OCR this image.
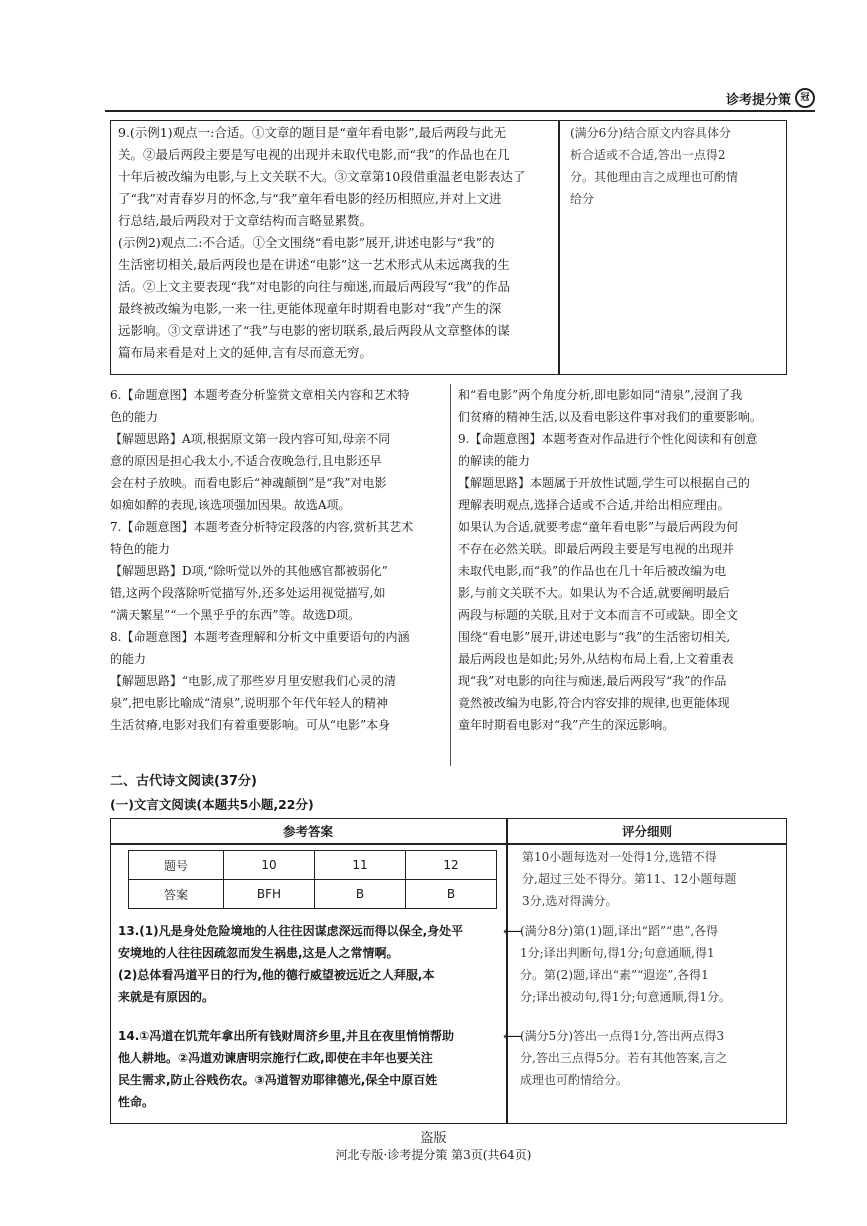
诊考提分策	冠

9.(示例1)观点一:合适。①文章的题目是“童年看电影”,最后两段与此无

关。②最后两段主要是写电视的出现并未取代电影,而“我”的作品也在几

十年后被改编为电影,与上文关联不大。③文章第10段借重温老电影表达了

了“我”对青春岁月的怀念,与“我”童年看电影的经历相照应,并对上文进

行总结,最后两段对于文章结构而言略显累赘。

(示例2)观点二:不合适。①全文围绕“看电影”展开,讲述电影与“我”的

生活密切相关,最后两段也是在讲述“电影”这一艺术形式从未远离我的生

活。②上文主要表现“我”对电影的向往与痴迷,而最后两段写“我”的作品

最终被改编为电影,一来一往,更能体现童年时期看电影对“我”产生的深

远影响。③文章讲述了“我”与电影的密切联系,最后两段从文章整体的谋

篇布局来看是对上文的延伸,言有尽而意无穷。

(满分6分)结合原文内容具体分

析合适或不合适,答出一点得2

分。其他理由言之成理也可酌情

给分

6.【命题意图】本题考查分析鉴赏文章相关内容和艺术特

色的能力

【解题思路】A项,根据原文第一段内容可知,母亲不同

意的原因是担心我太小,不适合夜晚急行,且电影还早

会在村子放映。而看电影后“神魂颠倒”是“我”对电影

如痴如醉的表现,该选项强加因果。故选A项。

7.【命题意图】本题考查分析特定段落的内容,赏析其艺术

特色的能力

【解题思路】D项,“除听觉以外的其他感官都被弱化”

错,这两个段落除听觉描写外,还多处运用视觉描写,如

“满天繁星”“一个黑乎乎的东西”等。故选D项。

8.【命题意图】本题考查理解和分析文中重要语句的内涵

的能力

【解题思路】“电影,成了那些岁月里安慰我们心灵的清

泉”,把电影比喻成“清泉”,说明那个年代年轻人的精神

生活贫瘠,电影对我们有着重要影响。可从“电影”本身

和“看电影”两个角度分析,即电影如同“清泉”,浸润了我

们贫瘠的精神生活,以及看电影这件事对我们的重要影响。

9.【命题意图】本题考查对作品进行个性化阅读和有创意

的解读的能力

【解题思路】本题属于开放性试题,学生可以根据自己的

理解表明观点,选择合适或不合适,并给出相应理由。

如果认为合适,就要考虑“童年看电影”与最后两段为何

不存在必然关联。即最后两段主要是写电视的出现并

未取代电影,而“我”的作品也在几十年后被改编为电

影,与前文关联不大。如果认为不合适,就要阐明最后

两段与标题的关联,且对于文本而言不可或缺。即全文

围绕“看电影”展开,讲述电影与“我”的生活密切相关,

最后两段也是如此;另外,从结构布局上看,上文着重表

现“我”对电影的向往与痴迷,最后两段写“我”的作品

竟然被改编为电影,符合内容安排的规律,也更能体现

童年时期看电影对“我”产生的深远影响。

二、古代诗文阅读(37分)
(一)文言文阅读(本题共5小题,22分)
参考答案	评分细则
题号	10	11	12
答案	BFH	B	B

第10小题每选对一处得1分,选错不得

分,超过三处不得分。第11、12小题每题

3分,选对得满分。

13.(1)凡是身处危险境地的人往往因谋虑深远而得以保全,身处平

安境地的人往往因疏忽而发生祸患,这是人之常情啊。

(2)总体看冯道平日的行为,他的德行威望被远近之人拜服,本

来就是有原因的。

⟵

(满分8分)第(1)题,译出“蹈”“患”,各得

1分;译出判断句,得1分;句意通顺,得1

分。第(2)题,译出“素”“遐迩”,各得1

分;译出被动句,得1分;句意通顺,得1分。

14.①冯道在饥荒年拿出所有钱财周济乡里,并且在夜里悄悄帮助

他人耕地。②冯道劝谏唐明宗施行仁政,即使在丰年也要关注

民生需求,防止谷贱伤农。③冯道智劝耶律德光,保全中原百姓

性命。

⟵

(满分5分)答出一点得1分,答出两点得3

分,答出三点得5分。若有其他答案,言之

成理也可酌情给分。

盗版
河北专版·诊考提分策 第3页(共64页)
